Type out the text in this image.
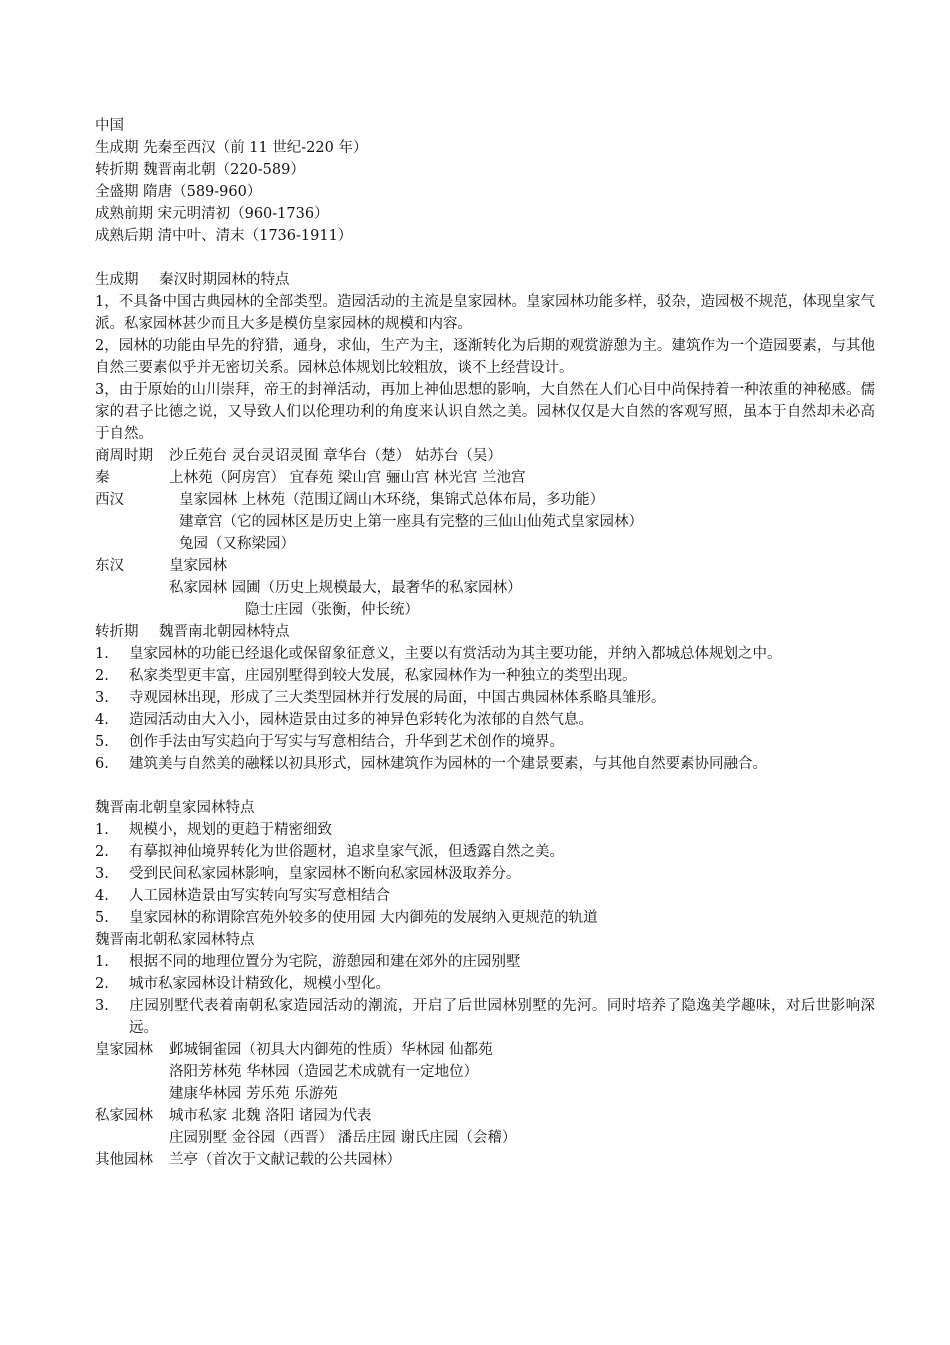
中国
生成期 先秦至西汉（前 11 世纪-220 年）
转折期 魏晋南北朝（220-589）
全盛期 隋唐（589-960）
成熟前期 宋元明清初（960-1736）
成熟后期 清中叶、清末（1736-1911）
生成期 秦汉时期园林的特点
1，不具备中国古典园林的全部类型。造园活动的主流是皇家园林。皇家园林功能多样，驳杂，造园极不规范，体现皇家气派。私家园林甚少而且大多是模仿皇家园林的规模和内容。
2，园林的功能由早先的狩猎，通身，求仙，生产为主，逐渐转化为后期的观赏游憩为主。建筑作为一个造园要素，与其他自然三要素似乎并无密切关系。园林总体规划比较粗放，谈不上经营设计。
3，由于原始的山川崇拜，帝王的封禅活动，再加上神仙思想的影响，大自然在人们心目中尚保持着一种浓重的神秘感。儒家的君子比德之说，又导致人们以伦理功利的角度来认识自然之美。园林仅仅是大自然的客观写照，虽本于自然却未必高于自然。
商周时期 沙丘苑台 灵台灵诏灵囿 章华台（楚） 姑苏台（吴）
秦	上林苑（阿房宫） 宜春苑 梁山宫 骊山宫 林光宫 兰池宫
西汉	皇家园林 上林苑（范围辽阔山木环绕，集锦式总体布局，多功能）
建章宫（它的园林区是历史上第一座具有完整的三仙山仙苑式皇家园林）
兔园（又称梁园）
东汉	皇家园林
私家园林 园圃（历史上规模最大，最奢华的私家园林）
隐士庄园（张衡，仲长统）
转折期 魏晋南北朝园林特点
1. 皇家园林的功能已经退化或保留象征意义，主要以有赏活动为其主要功能，并纳入都城总体规划之中。
2. 私家类型更丰富，庄园别墅得到较大发展，私家园林作为一种独立的类型出现。
3. 寺观园林出现，形成了三大类型园林并行发展的局面，中国古典园林体系略具雏形。
4. 造园活动由大入小，园林造景由过多的神异色彩转化为浓郁的自然气息。
5. 创作手法由写实趋向于写实与写意相结合，升华到艺术创作的境界。
6. 建筑美与自然美的融糅以初具形式，园林建筑作为园林的一个建景要素，与其他自然要素协同融合。
魏晋南北朝皇家园林特点
1. 规模小，规划的更趋于精密细致
2. 有摹拟神仙境界转化为世俗题材，追求皇家气派，但透露自然之美。
3. 受到民间私家园林影响，皇家园林不断向私家园林汲取养分。
4. 人工园林造景由写实转向写实写意相结合
5. 皇家园林的称谓除宫苑外较多的使用园 大内御苑的发展纳入更规范的轨道
魏晋南北朝私家园林特点
1. 根据不同的地理位置分为宅院，游憩园和建在郊外的庄园别墅
2. 城市私家园林设计精致化，规模小型化。
3. 庄园别墅代表着南朝私家造园活动的潮流，开启了后世园林别墅的先河。同时培养了隐逸美学趣味，对后世影响深远。
皇家园林 邺城铜雀园（初具大内御苑的性质）华林园 仙都苑
洛阳芳林苑 华林园（造园艺术成就有一定地位）
建康华林园 芳乐苑 乐游苑
私家园林 城市私家 北魏 洛阳 诸园为代表
庄园别墅 金谷园（西晋） 潘岳庄园 谢氏庄园（会稽）
其他园林 兰亭（首次于文献记载的公共园林）
